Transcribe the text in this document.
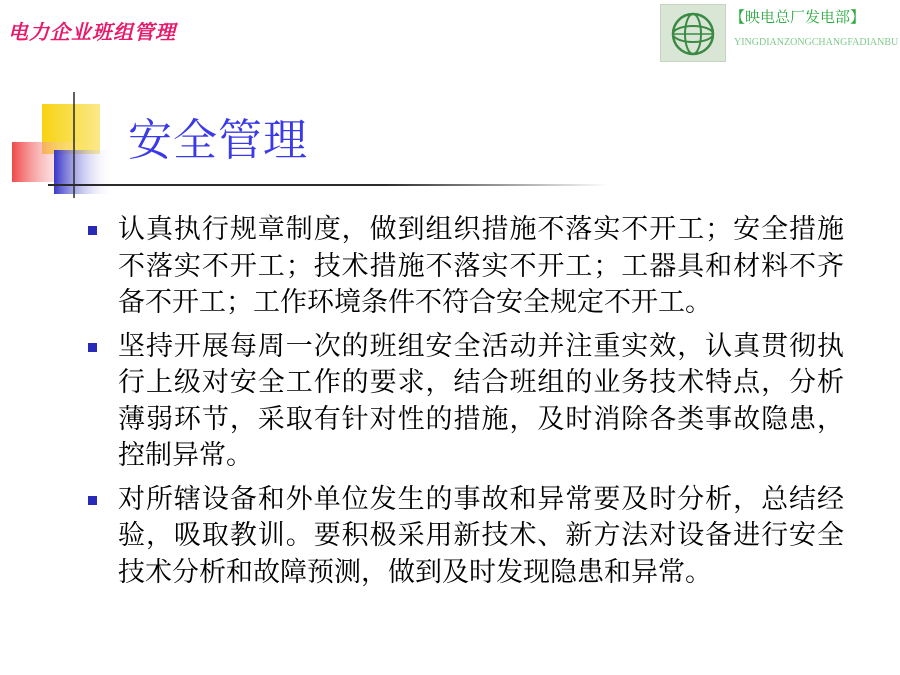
电力企业班组管理
【映电总厂发电部】
YINGDIANZONGCHANGFADIANBU
安全管理
认真执行规章制度，做到组织措施不落实不开工；安全措施不落实不开工；技术措施不落实不开工；工器具和材料不齐备不开工；工作环境条件不符合安全规定不开工。
坚持开展每周一次的班组安全活动并注重实效，认真贯彻执行上级对安全工作的要求，结合班组的业务技术特点，分析薄弱环节，采取有针对性的措施，及时消除各类事故隐患，控制异常。
对所辖设备和外单位发生的事故和异常要及时分析，总结经验，吸取教训。要积极采用新技术、新方法对设备进行安全技术分析和故障预测，做到及时发现隐患和异常。
